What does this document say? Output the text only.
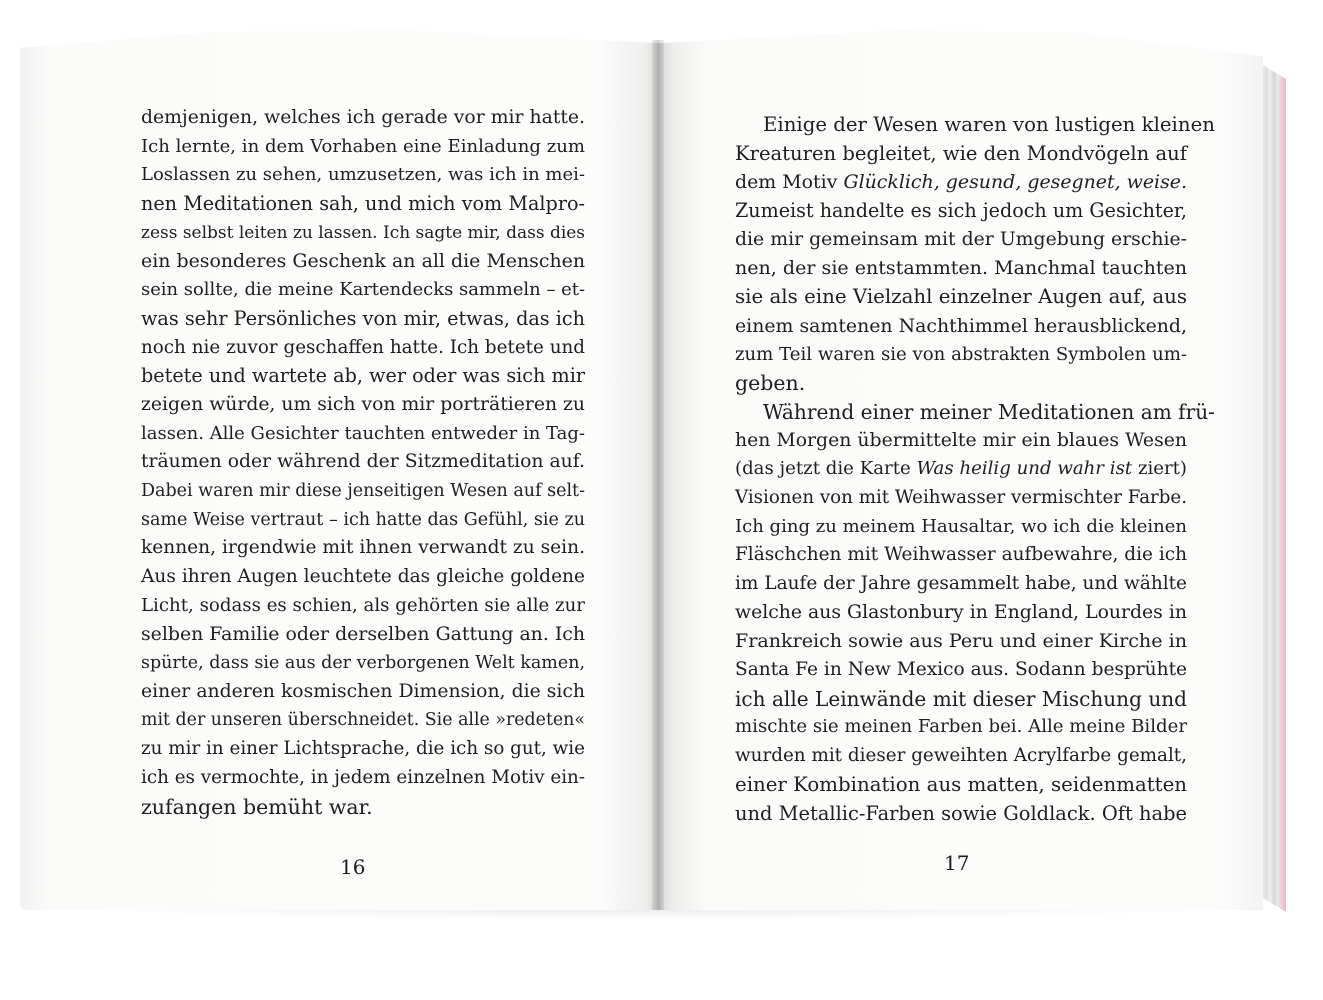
demjenigen, welches ich gerade vor mir hatte.
Ich lernte, in dem Vorhaben eine Einladung zum
Loslassen zu sehen, umzusetzen, was ich in mei-
nen Meditationen sah, und mich vom Malpro-
zess selbst leiten zu lassen. Ich sagte mir, dass dies
ein besonderes Geschenk an all die Menschen
sein sollte, die meine Kartendecks sammeln – et-
was sehr Persönliches von mir, etwas, das ich
noch nie zuvor geschaffen hatte. Ich betete und
betete und wartete ab, wer oder was sich mir
zeigen würde, um sich von mir porträtieren zu
lassen. Alle Gesichter tauchten entweder in Tag-
träumen oder während der Sitzmeditation auf.
Dabei waren mir diese jenseitigen Wesen auf selt-
same Weise vertraut – ich hatte das Gefühl, sie zu
kennen, irgendwie mit ihnen verwandt zu sein.
Aus ihren Augen leuchtete das gleiche goldene
Licht, sodass es schien, als gehörten sie alle zur
selben Familie oder derselben Gattung an. Ich
spürte, dass sie aus der verborgenen Welt kamen,
einer anderen kosmischen Dimension, die sich
mit der unseren überschneidet. Sie alle »redeten«
zu mir in einer Lichtsprache, die ich so gut, wie
ich es vermochte, in jedem einzelnen Motiv ein-
zufangen bemüht war.
16
Einige der Wesen waren von lustigen kleinen
Kreaturen begleitet, wie den Mondvögeln auf
dem Motiv Glücklich, gesund, gesegnet, weise.
Zumeist handelte es sich jedoch um Gesichter,
die mir gemeinsam mit der Umgebung erschie-
nen, der sie entstammten. Manchmal tauchten
sie als eine Vielzahl einzelner Augen auf, aus
einem samtenen Nachthimmel herausblickend,
zum Teil waren sie von abstrakten Symbolen um-
geben.
Während einer meiner Meditationen am frü-
hen Morgen übermittelte mir ein blaues Wesen
(das jetzt die Karte Was heilig und wahr ist ziert)
Visionen von mit Weihwasser vermischter Farbe.
Ich ging zu meinem Hausaltar, wo ich die kleinen
Fläschchen mit Weihwasser aufbewahre, die ich
im Laufe der Jahre gesammelt habe, und wählte
welche aus Glastonbury in England, Lourdes in
Frankreich sowie aus Peru und einer Kirche in
Santa Fe in New Mexico aus. Sodann besprühte
ich alle Leinwände mit dieser Mischung und
mischte sie meinen Farben bei. Alle meine Bilder
wurden mit dieser geweihten Acrylfarbe gemalt,
einer Kombination aus matten, seidenmatten
und Metallic-Farben sowie Goldlack. Oft habe
17
